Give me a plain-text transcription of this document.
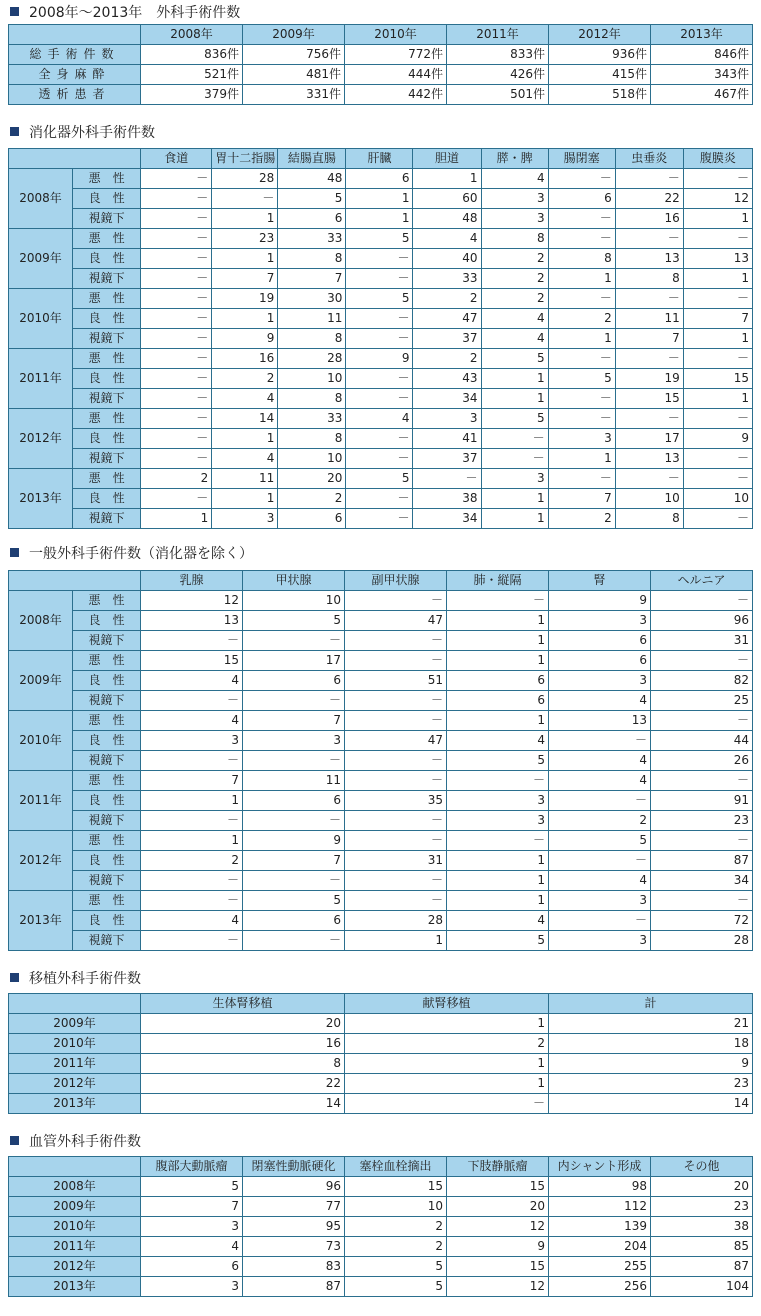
2008年～2013年　外科手術件数
	2008年	2009年	2010年	2011年	2012年	2013年
総手術件数	836件	756件	772件	833件	936件	846件
全身麻酔	521件	481件	444件	426件	415件	343件
透析患者	379件	331件	442件	501件	518件	467件
消化器外科手術件数
		食道	胃十二指腸	結腸直腸	肝臓	胆道	膵・脾	腸閉塞	虫垂炎	腹膜炎
2008年	悪　性	－	28	48	6	1	4	－	－	－
	良　性	－	－	5	1	60	3	6	22	12
	視鏡下	－	1	6	1	48	3	－	16	1
2009年	悪　性	－	23	33	5	4	8	－	－	－
	良　性	－	1	8	－	40	2	8	13	13
	視鏡下	－	7	7	－	33	2	1	8	1
2010年	悪　性	－	19	30	5	2	2	－	－	－
	良　性	－	1	11	－	47	4	2	11	7
	視鏡下	－	9	8	－	37	4	1	7	1
2011年	悪　性	－	16	28	9	2	5	－	－	－
	良　性	－	2	10	－	43	1	5	19	15
	視鏡下	－	4	8	－	34	1	－	15	1
2012年	悪　性	－	14	33	4	3	5	－	－	－
	良　性	－	1	8	－	41	－	3	17	9
	視鏡下	－	4	10	－	37	－	1	13	－
2013年	悪　性	2	11	20	5	－	3	－	－	－
	良　性	－	1	2	－	38	1	7	10	10
	視鏡下	1	3	6	－	34	1	2	8	－
一般外科手術件数（消化器を除く）
		乳腺	甲状腺	副甲状腺	肺・縦隔	腎	ヘルニア
2008年	悪　性	12	10	－	－	9	－
	良　性	13	5	47	1	3	96
	視鏡下	－	－	－	1	6	31
2009年	悪　性	15	17	－	1	6	－
	良　性	4	6	51	6	3	82
	視鏡下	－	－	－	6	4	25
2010年	悪　性	4	7	－	1	13	－
	良　性	3	3	47	4	－	44
	視鏡下	－	－	－	5	4	26
2011年	悪　性	7	11	－	－	4	－
	良　性	1	6	35	3	－	91
	視鏡下	－	－	－	3	2	23
2012年	悪　性	1	9	－	－	5	－
	良　性	2	7	31	1	－	87
	視鏡下	－	－	－	1	4	34
2013年	悪　性	－	5	－	1	3	－
	良　性	4	6	28	4	－	72
	視鏡下	－	－	1	5	3	28
移植外科手術件数
	生体腎移植	献腎移植	計
2009年	20	1	21
2010年	16	2	18
2011年	8	1	9
2012年	22	1	23
2013年	14	－	14
血管外科手術件数
	腹部大動脈瘤	閉塞性動脈硬化	塞栓血栓摘出	下肢静脈瘤	内シャント形成	その他
2008年	5	96	15	15	98	20
2009年	7	77	10	20	112	23
2010年	3	95	2	12	139	38
2011年	4	73	2	9	204	85
2012年	6	83	5	15	255	87
2013年	3	87	5	12	256	104
